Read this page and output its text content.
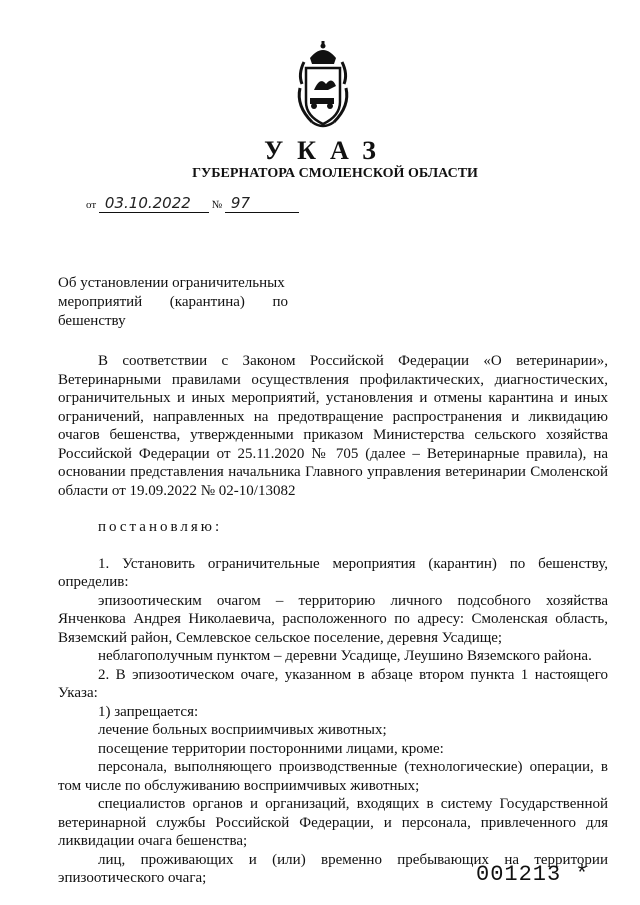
УКАЗ
ГУБЕРНАТОРА СМОЛЕНСКОЙ ОБЛАСТИ
от 03.10.2022 № 97
Об установлении ограничительных
мероприятий (карантина) по
бешенству

В соответствии с Законом Российской Федерации «О ветеринарии», Ветеринарными правилами осуществления профилактических, диагностических, ограничительных и иных мероприятий, установления и отмены карантина и иных ограничений, направленных на предотвращение распространения и ликвидацию очагов бешенства, утвержденными приказом Министерства сельского хозяйства Российской Федерации от 25.11.2020 № 705 (далее – Ветеринарные правила), на основании представления начальника Главного управления ветеринарии Смоленской области от 19.09.2022 № 02-10/13082

постановляю:

1. Установить ограничительные мероприятия (карантин) по бешенству, определив:

эпизоотическим очагом – территорию личного подсобного хозяйства Янченкова Андрея Николаевича, расположенного по адресу: Смоленская область, Вяземский район, Семлевское сельское поселение, деревня Усадище;

неблагополучным пунктом – деревни Усадище, Леушино Вяземского района.

2. В эпизоотическом очаге, указанном в абзаце втором пункта 1 настоящего Указа:

1) запрещается:

лечение больных восприимчивых животных;

посещение территории посторонними лицами, кроме:

персонала, выполняющего производственные (технологические) операции, в том числе по обслуживанию восприимчивых животных;

специалистов органов и организаций, входящих в систему Государственной ветеринарной службы Российской Федерации, и персонала, привлеченного для ликвидации очага бешенства;

лиц, проживающих и (или) временно пребывающих на территории эпизоотического очага;	001213 *
